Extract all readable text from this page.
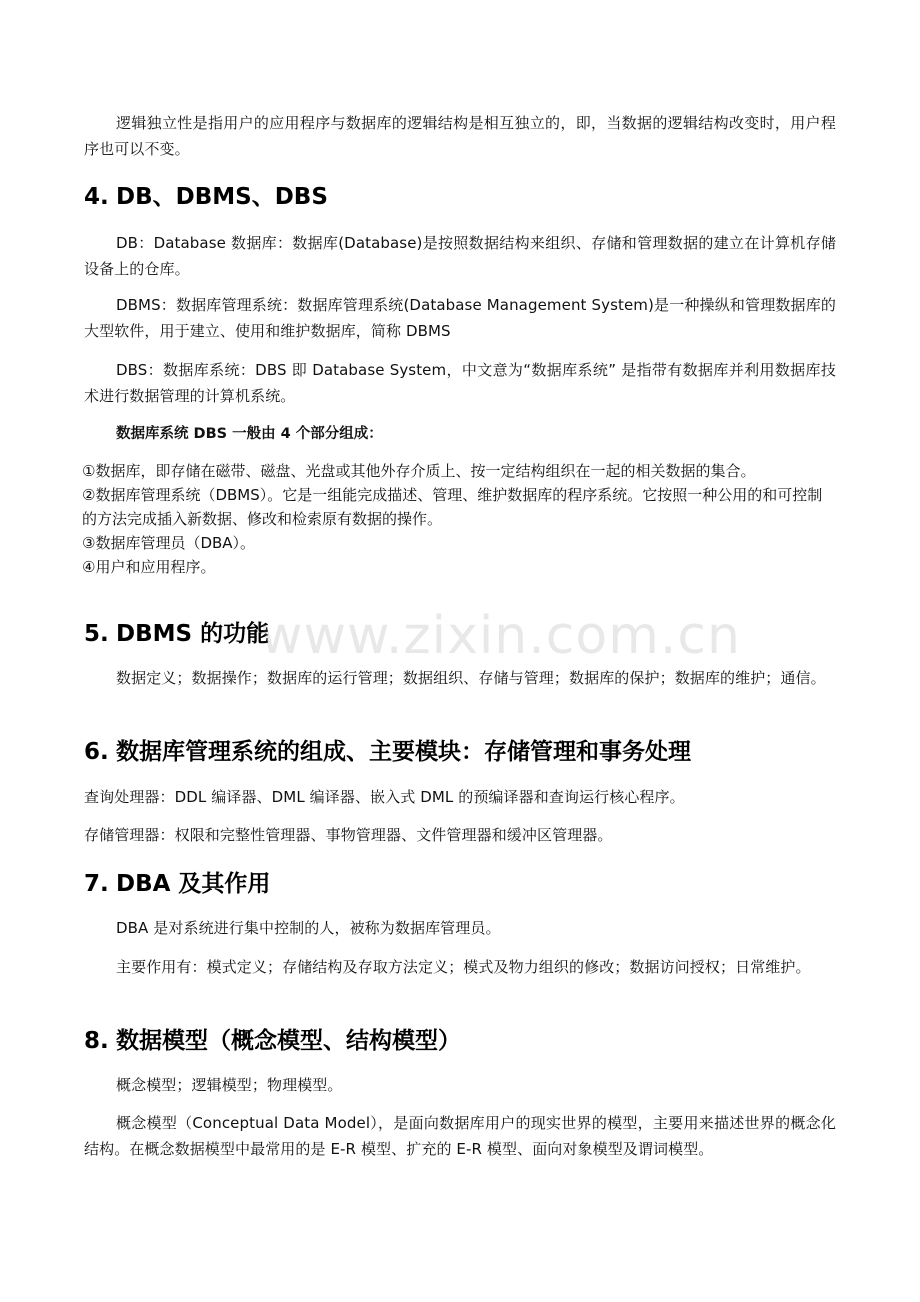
逻辑独立性是指用户的应用程序与数据库的逻辑结构是相互独立的，即，当数据的逻辑结构改变时，用户程序也可以不变。

4. DB、DBMS、DBS

DB：Database 数据库：数据库(Database)是按照数据结构来组织、存储和管理数据的建立在计算机存储设备上的仓库。

DBMS：数据库管理系统：数据库管理系统(Database Management System)是一种操纵和管理数据库的大型软件，用于建立、使用和维护数据库，简称 DBMS

DBS：数据库系统：DBS 即 Database System，中文意为“数据库系统” 是指带有数据库并利用数据库技术进行数据管理的计算机系统。

数据库系统 DBS 一般由 4 个部分组成：

①数据库，即存储在磁带、磁盘、光盘或其他外存介质上、按一定结构组织在一起的相关数据的集合。
②数据库管理系统（DBMS）。它是一组能完成描述、管理、维护数据库的程序系统。它按照一种公用的和可控制的方法完成插入新数据、修改和检索原有数据的操作。
③数据库管理员（DBA）。
④用户和应用程序。
5. DBMS 的功能

数据定义；数据操作；数据库的运行管理；数据组织、存储与管理；数据库的保护；数据库的维护；通信。

6. 数据库管理系统的组成、主要模块：存储管理和事务处理

查询处理器：DDL 编译器、DML 编译器、嵌入式 DML 的预编译器和查询运行核心程序。

存储管理器：权限和完整性管理器、事物管理器、文件管理器和缓冲区管理器。

7. DBA 及其作用

DBA 是对系统进行集中控制的人，被称为数据库管理员。

主要作用有：模式定义；存储结构及存取方法定义；模式及物力组织的修改；数据访问授权；日常维护。

8. 数据模型（概念模型、结构模型）

概念模型；逻辑模型；物理模型。

概念模型（Conceptual Data Model），是面向数据库用户的现实世界的模型，主要用来描述世界的概念化结构。在概念数据模型中最常用的是 E-R 模型、扩充的 E-R 模型、面向对象模型及谓词模型。

www.zixin.com.cn
